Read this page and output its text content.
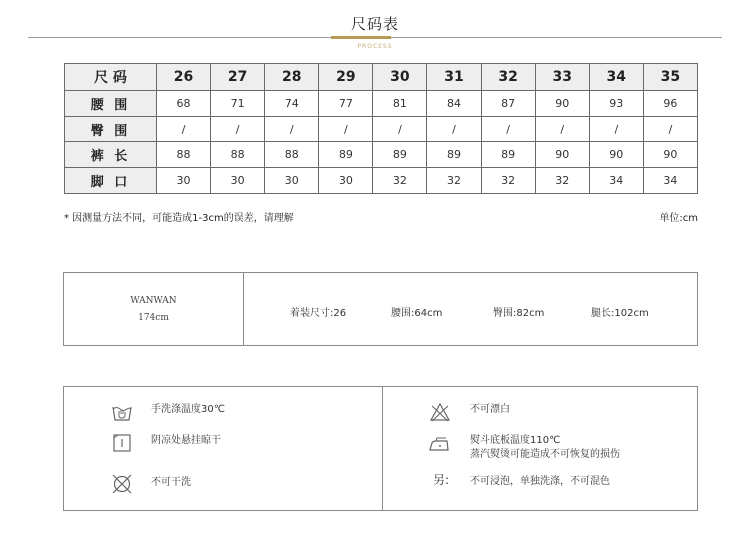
尺码表
PROCESS
尺 码	26	27	28	29	30	31	32	33	34	35
腰 围	68	71	74	77	81	84	87	90	93	96
臀 围	/	/	/	/	/	/	/	/	/	/
裤 长	88	88	88	89	89	89	89	90	90	90
脚 口	30	30	30	30	32	32	32	32	34	34
* 因测量方法不同，可能造成1-3cm的误差，请理解	单位:cm
WANWAN
174cm	着装尺寸:26	腰围:64cm	臀围:82cm	腿长:102cm
手洗涤温度30℃
阴凉处悬挂晾干
不可干洗
不可漂白
熨斗底板温度110℃
蒸汽熨烫可能造成不可恢复的损伤
另: 不可浸泡，单独洗涤，不可混色
